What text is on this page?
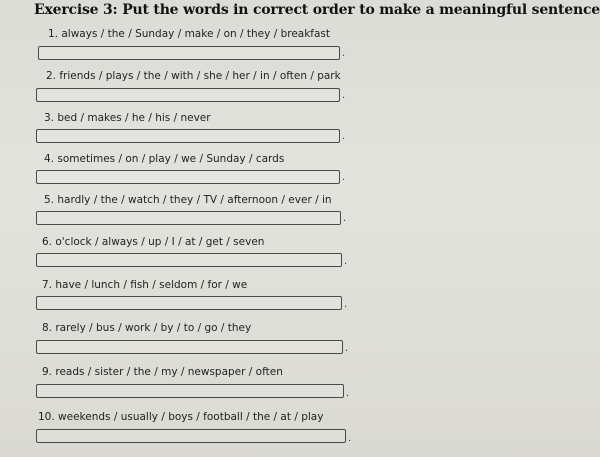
Exercise 3: Put the words in correct order to make a meaningful sentence
1. always / the / Sunday / make / on / they / breakfast
.
2. friends / plays / the / with / she / her / in / often / park
.
3. bed / makes / he / his / never
.
4. sometimes / on / play / we / Sunday / cards
.
5. hardly / the / watch / they / TV / afternoon / ever / in
.
6. o'clock / always / up / I / at / get / seven
.
7. have / lunch / fish / seldom / for / we
.
8. rarely / bus / work / by / to / go / they
.
9. reads / sister / the / my / newspaper / often
.
10. weekends / usually / boys / football / the / at / play
.
